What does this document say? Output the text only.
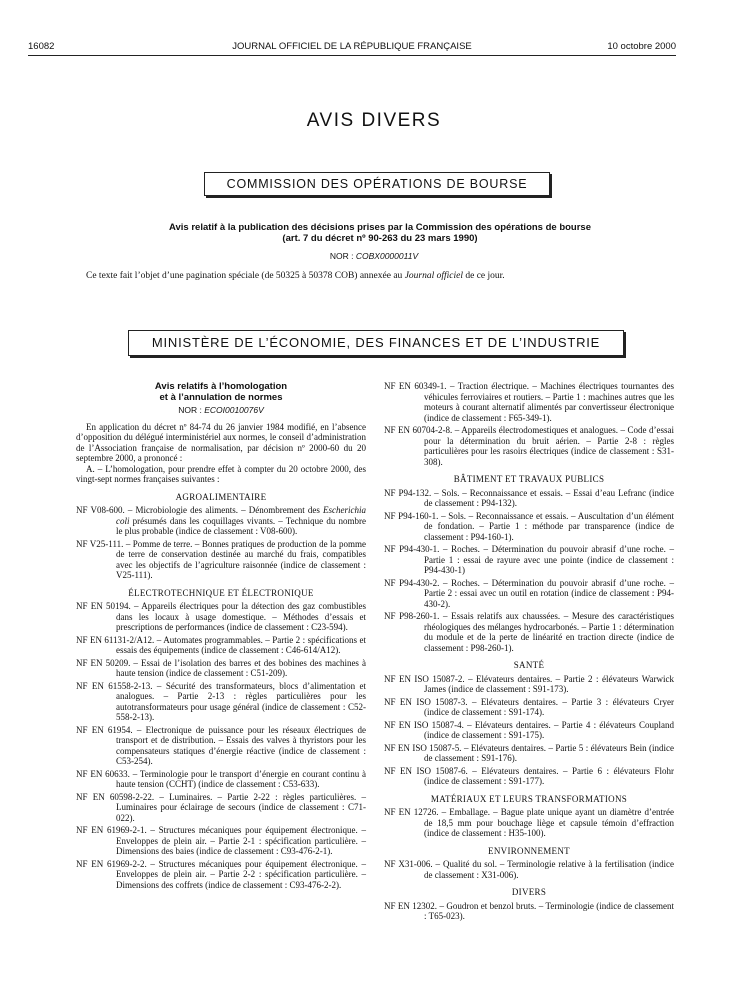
16082	JOURNAL OFFICIEL DE LA RÉPUBLIQUE FRANÇAISE	10 octobre 2000
AVIS DIVERS
COMMISSION DES OPÉRATIONS DE BOURSE
Avis relatif à la publication des décisions prises par la Commission des opérations de bourse
(art. 7 du décret nº 90-263 du 23 mars 1990)
NOR : COBX0000011V
Ce texte fait l’objet d’une pagination spéciale (de 50325 à 50378 COB) annexée au Journal officiel de ce jour.
MINISTÈRE DE L’ÉCONOMIE, DES FINANCES ET DE L’INDUSTRIE
Avis relatifs à l’homologation
et à l’annulation de normes
NOR : ECOI0010076V

En application du décret nº 84-74 du 26 janvier 1984 modifié, en l’absence d’opposition du délégué interministériel aux normes, le conseil d’administration de l’Association française de normalisation, par décision nº 2000-60 du 20 septembre 2000, a prononcé :

A. – L’homologation, pour prendre effet à compter du 20 octobre 2000, des vingt-sept normes françaises suivantes :

AGROALIMENTAIRE
NF V08-600. – Microbiologie des aliments. – Dénombrement des Escherichia coli présumés dans les coquillages vivants. – Technique du nombre le plus probable (indice de classement : V08-600).
NF V25-111. – Pomme de terre. – Bonnes pratiques de production de la pomme de terre de conservation destinée au marché du frais, compatibles avec les objectifs de l’agriculture raisonnée (indice de classement : V25-111).
ÉLECTROTECHNIQUE ET ÉLECTRONIQUE
NF EN 50194. – Appareils électriques pour la détection des gaz combustibles dans les locaux à usage domestique. – Méthodes d’essais et prescriptions de performances (indice de classement : C23-594).
NF EN 61131-2/A12. – Automates programmables. – Partie 2 : spécifications et essais des équipements (indice de classement : C46-614/A12).
NF EN 50209. – Essai de l’isolation des barres et des bobines des machines à haute tension (indice de classement : C51-209).
NF EN 61558-2-13. – Sécurité des transformateurs, blocs d’alimentation et analogues. – Partie 2-13 : règles particulières pour les autotransformateurs pour usage général (indice de classement : C52-558-2-13).
NF EN 61954. – Electronique de puissance pour les réseaux électriques de transport et de distribution. – Essais des valves à thyristors pour les compensateurs statiques d’énergie réactive (indice de classement : C53-254).
NF EN 60633. – Terminologie pour le transport d’énergie en courant continu à haute tension (CCHT) (indice de classement : C53-633).
NF EN 60598-2-22. – Luminaires. – Partie 2-22 : règles particulières. – Luminaires pour éclairage de secours (indice de classement : C71-022).
NF EN 61969-2-1. – Structures mécaniques pour équipement électronique. – Enveloppes de plein air. – Partie 2-1 : spécification particulière. – Dimensions des baies (indice de classement : C93-476-2-1).
NF EN 61969-2-2. – Structures mécaniques pour équipement électronique. – Enveloppes de plein air. – Partie 2-2 : spécification particulière. – Dimensions des coffrets (indice de classement : C93-476-2-2).
NF EN 60349-1. – Traction électrique. – Machines électriques tournantes des véhicules ferroviaires et routiers. – Partie 1 : machines autres que les moteurs à courant alternatif alimentés par convertisseur électronique (indice de classement : F65-349-1).
NF EN 60704-2-8. – Appareils électrodomestiques et analogues. – Code d’essai pour la détermination du bruit aérien. – Partie 2-8 : règles particulières pour les rasoirs électriques (indice de classement : S31-308).
BÂTIMENT ET TRAVAUX PUBLICS
NF P94-132. – Sols. – Reconnaissance et essais. – Essai d’eau Lefranc (indice de classement : P94-132).
NF P94-160-1. – Sols. – Reconnaissance et essais. – Auscultation d’un élément de fondation. – Partie 1 : méthode par transparence (indice de classement : P94-160-1).
NF P94-430-1. – Roches. – Détermination du pouvoir abrasif d’une roche. – Partie 1 : essai de rayure avec une pointe (indice de classement : P94-430-1)
NF P94-430-2. – Roches. – Détermination du pouvoir abrasif d’une roche. – Partie 2 : essai avec un outil en rotation (indice de classement : P94-430-2).
NF P98-260-1. – Essais relatifs aux chaussées. – Mesure des caractéristiques rhéologiques des mélanges hydrocarbonés. – Partie 1 : détermination du module et de la perte de linéarité en traction directe (indice de classement : P98-260-1).
SANTÉ
NF EN ISO 15087-2. – Elévateurs dentaires. – Partie 2 : élévateurs Warwick James (indice de classement : S91-173).
NF EN ISO 15087-3. – Elévateurs dentaires. – Partie 3 : élévateurs Cryer (indice de classement : S91-174).
NF EN ISO 15087-4. – Elévateurs dentaires. – Partie 4 : élévateurs Coupland (indice de classement : S91-175).
NF EN ISO 15087-5. – Elévateurs dentaires. – Partie 5 : élévateurs Bein (indice de classement : S91-176).
NF EN ISO 15087-6. – Elévateurs dentaires. – Partie 6 : élévateurs Flohr (indice de classement : S91-177).
MATÉRIAUX ET LEURS TRANSFORMATIONS
NF EN 12726. – Emballage. – Bague plate unique ayant un diamètre d’entrée de 18,5 mm pour bouchage liège et capsule témoin d’effraction (indice de classement : H35-100).
ENVIRONNEMENT
NF X31-006. – Qualité du sol. – Terminologie relative à la fertilisation (indice de classement : X31-006).
DIVERS
NF EN 12302. – Goudron et benzol bruts. – Terminologie (indice de classement : T65-023).
